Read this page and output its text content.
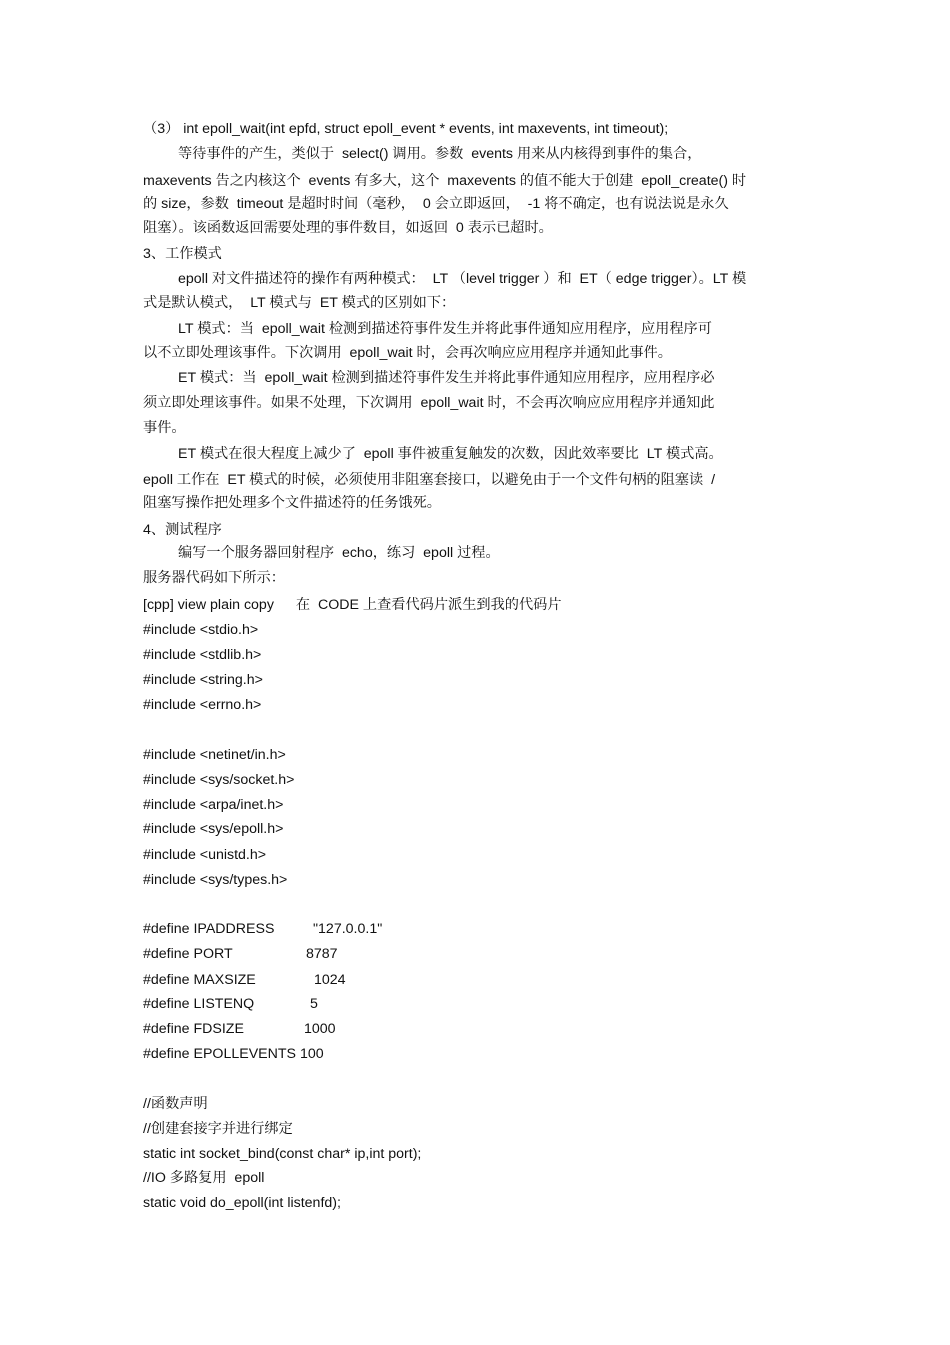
（3） int epoll_wait(int epfd, struct epoll_event * events, int maxevents, int timeout);
等待事件的产生，类似于  select() 调用。参数  events 用来从内核得到事件的集合，
maxevents 告之内核这个  events 有多大，这个  maxevents 的值不能大于创建  epoll_create() 时
的 size，参数  timeout 是超时时间（毫秒，  0 会立即返回，  -1 将不确定，也有说法说是永久
阻塞）。该函数返回需要处理的事件数目，如返回  0 表示已超时。
3、工作模式
epoll 对文件描述符的操作有两种模式：  LT （level trigger ）和  ET（ edge trigger）。LT 模
式是默认模式，  LT 模式与  ET 模式的区别如下：
LT 模式：当  epoll_wait 检测到描述符事件发生并将此事件通知应用程序，应用程序可
以不立即处理该事件。下次调用  epoll_wait 时，会再次响应应用程序并通知此事件。
ET 模式：当  epoll_wait 检测到描述符事件发生并将此事件通知应用程序，应用程序必
须立即处理该事件。如果不处理，下次调用  epoll_wait 时，不会再次响应应用程序并通知此
事件。
ET 模式在很大程度上减少了  epoll 事件被重复触发的次数，因此效率要比  LT 模式高。
epoll 工作在  ET 模式的时候，必须使用非阻塞套接口，以避免由于一个文件句柄的阻塞读  /
阻塞写操作把处理多个文件描述符的任务饿死。
4、测试程序
编写一个服务器回射程序  echo，练习  epoll 过程。
服务器代码如下所示：
[cpp] view plain copy 在  CODE 上查看代码片派生到我的代码片
#include <stdio.h>
#include <stdlib.h>
#include <string.h>
#include <errno.h>
#include <netinet/in.h>
#include <sys/socket.h>
#include <arpa/inet.h>
#include <sys/epoll.h>
#include <unistd.h>
#include <sys/types.h>
#define IPADDRESS	"127.0.0.1"
#define PORT	8787
#define MAXSIZE	1024
#define LISTENQ	5
#define FDSIZE	1000
#define EPOLLEVENTS 100
//函数声明
//创建套接字并进行绑定
static int socket_bind(const char* ip,int port);
//IO 多路复用  epoll
static void do_epoll(int listenfd);
